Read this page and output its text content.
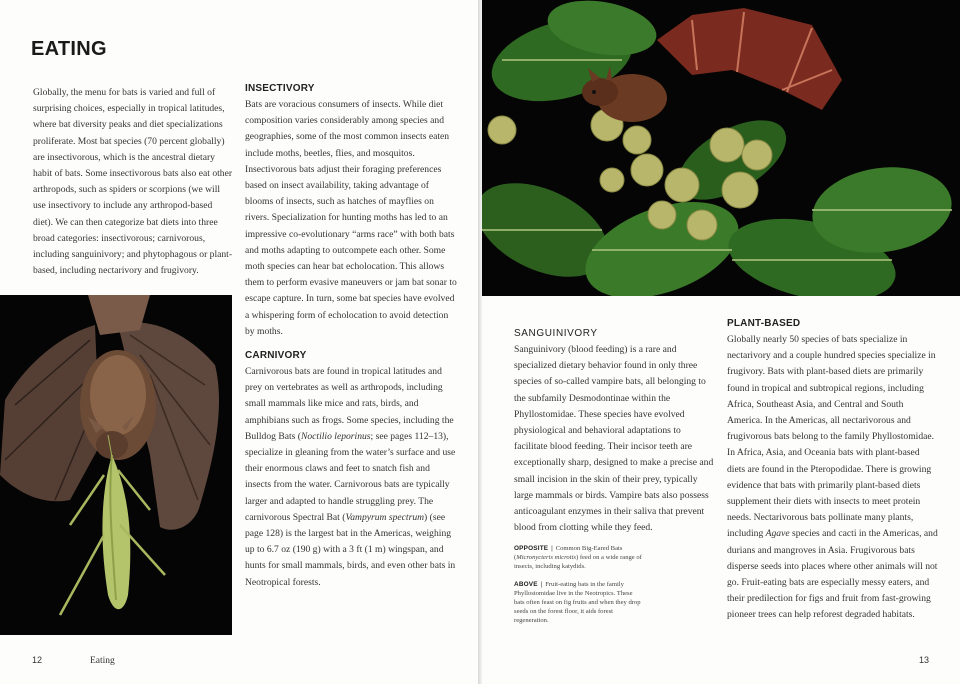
EATING

Globally, the menu for bats is varied and full of surprising choices, especially in tropical latitudes, where bat diversity peaks and diet specializations proliferate. Most bat species (70 percent globally) are insectivorous, which is the ancestral dietary habit of bats. Some insectivorous bats also eat other arthropods, such as spiders or scorpions (we will use insectivory to include any arthropod-based diet). We can then categorize bat diets into three broad categories: insectivorous; carnivorous, including sanguinivory; and phytophagous or plant-based, including nectarivory and frugivory.

INSECTIVORY

Bats are voracious consumers of insects. While diet composition varies considerably among species and geographies, some of the most common insects eaten include moths, beetles, flies, and mosquitos. Insectivorous bats adjust their foraging preferences based on insect availability, taking advantage of blooms of insects, such as hatches of mayflies on rivers. Specialization for hunting moths has led to an impressive co-evolutionary “arms race” with both bats and moths adapting to outcompete each other. Some moth species can hear bat echolocation. This allows them to perform evasive maneuvers or jam bat sonar to escape capture. In turn, some bat species have evolved a whispering form of echolocation to avoid detection by moths.

CARNIVORY

Carnivorous bats are found in tropical latitudes and prey on vertebrates as well as arthropods, including small mammals like mice and rats, birds, and amphibians such as frogs. Some species, including the Bulldog Bats (Noctilio leporinus; see pages 112–13), specialize in gleaning from the water’s surface and use their enormous claws and feet to snatch fish and insects from the water. Carnivorous bats are typically larger and adapted to handle struggling prey. The carnivorous Spectral Bat (Vampyrum spectrum) (see page 128) is the largest bat in the Americas, weighing up to 6.7 oz (190 g) with a 3 ft (1 m) wingspan, and hunts for small mammals, birds, and even other bats in Neotropical forests.

12	Eating
SANGUINIVORY

Sanguinivory (blood feeding) is a rare and specialized dietary behavior found in only three species of so-called vampire bats, all belonging to the subfamily Desmodontinae within the Phyllostomidae. These species have evolved physiological and behavioral adaptations to facilitate blood feeding. Their incisor teeth are exceptionally sharp, designed to make a precise and small incision in the skin of their prey, typically large mammals or birds. Vampire bats also possess anticoagulant enzymes in their saliva that prevent blood from clotting while they feed.

OPPOSITE | Common Big-Eared Bats (Micronycteris microtis) feed on a wide range of insects, including katydids.

ABOVE | Fruit-eating bats in the family Phyllostomidae live in the Neotropics. These bats often feast on fig fruits and when they drop seeds on the forest floor, it aids forest regeneration.

PLANT-BASED

Globally nearly 50 species of bats specialize in nectarivory and a couple hundred species specialize in frugivory. Bats with plant-based diets are primarily found in tropical and subtropical regions, including Africa, Southeast Asia, and Central and South America. In the Americas, all nectarivorous and frugivorous bats belong to the family Phyllostomidae. In Africa, Asia, and Oceania bats with plant-based diets are found in the Pteropodidae. There is growing evidence that bats with primarily plant-based diets supplement their diets with insects to meet protein needs. Nectarivorous bats pollinate many plants, including Agave species and cacti in the Americas, and durians and mangroves in Asia. Frugivorous bats disperse seeds into places where other animals will not go. Fruit-eating bats are especially messy eaters, and their predilection for figs and fruit from fast-growing pioneer trees can help reforest degraded habitats.

13
